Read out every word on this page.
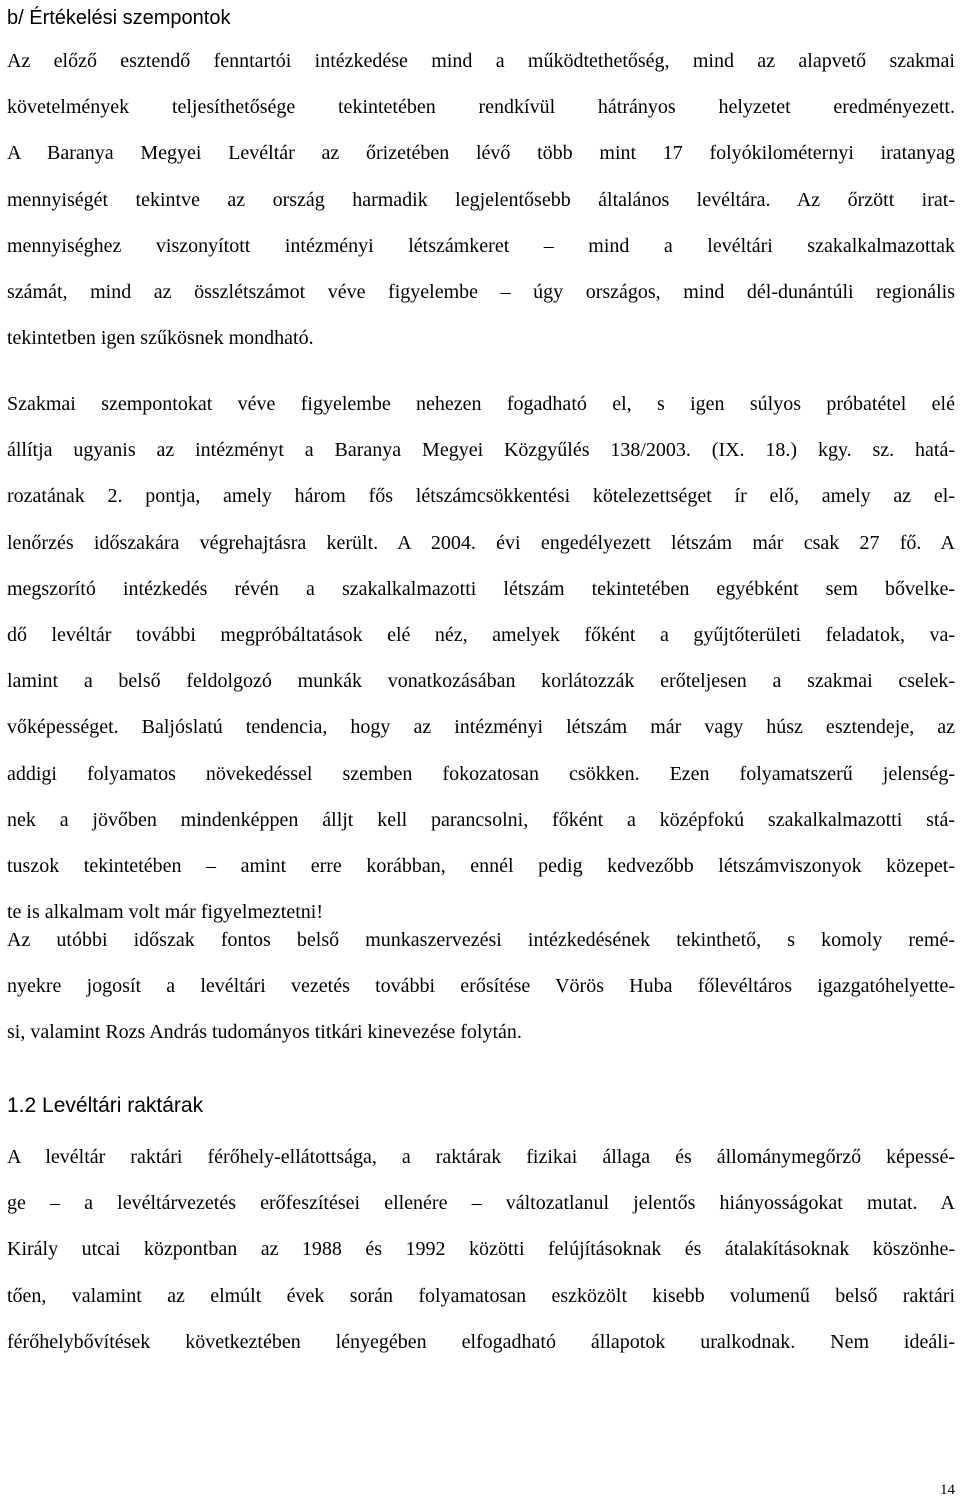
b/ Értékelési szempontok

Az előző esztendő fenntartói intézkedése mind a működtethetőség, mind az alapvető szakmai
követelmények teljesíthetősége tekintetében rendkívül hátrányos helyzetet eredményezett.
A Baranya Megyei Levéltár az őrizetében lévő több mint 17 folyókilométernyi iratanyag
mennyiségét tekintve az ország harmadik legjelentősebb általános levéltára. Az őrzött irat-
mennyiséghez viszonyított intézményi létszámkeret – mind a levéltári szakalkalmazottak
számát, mind az összlétszámot véve figyelembe – úgy országos, mind dél-dunántúli regionális
tekintetben igen szűkösnek mondható.

Szakmai szempontokat véve figyelembe nehezen fogadható el, s igen súlyos próbatétel elé
állítja ugyanis az intézményt a Baranya Megyei Közgyűlés 138/2003. (IX. 18.) kgy. sz. hatá-
rozatának 2. pontja, amely három fős létszámcsökkentési kötelezettséget ír elő, amely az el-
lenőrzés időszakára végrehajtásra került. A 2004. évi engedélyezett létszám már csak 27 fő. A
megszorító intézkedés révén a szakalkalmazotti létszám tekintetében egyébként sem bővelke-
dő levéltár további megpróbáltatások elé néz, amelyek főként a gyűjtőterületi feladatok, va-
lamint a belső feldolgozó munkák vonatkozásában korlátozzák erőteljesen a szakmai cselek-
vőképességet. Baljóslatú tendencia, hogy az intézményi létszám már vagy húsz esztendeje, az
addigi folyamatos növekedéssel szemben fokozatosan csökken. Ezen folyamatszerű jelenség-
nek a jövőben mindenképpen álljt kell parancsolni, főként a középfokú szakalkalmazotti stá-
tuszok tekintetében – amint erre korábban, ennél pedig kedvezőbb létszámviszonyok közepet-
te is alkalmam volt már figyelmeztetni!

Az utóbbi időszak fontos belső munkaszervezési intézkedésének tekinthető, s komoly remé-
nyekre jogosít a levéltári vezetés további erősítése Vörös Huba főlevéltáros igazgatóhelyette-
si, valamint Rozs András tudományos titkári kinevezése folytán.

1.2 Levéltári raktárak

A levéltár raktári férőhely-ellátottsága, a raktárak fizikai állaga és állománymegőrző képessé-
ge – a levéltárvezetés erőfeszítései ellenére – változatlanul jelentős hiányosságokat mutat. A
Király utcai központban az 1988 és 1992 közötti felújításoknak és átalakításoknak köszönhe-
tően, valamint az elmúlt évek során folyamatosan eszközölt kisebb volumenű belső raktári
férőhelybővítések következtében lényegében elfogadható állapotok uralkodnak. Nem ideáli-

14
